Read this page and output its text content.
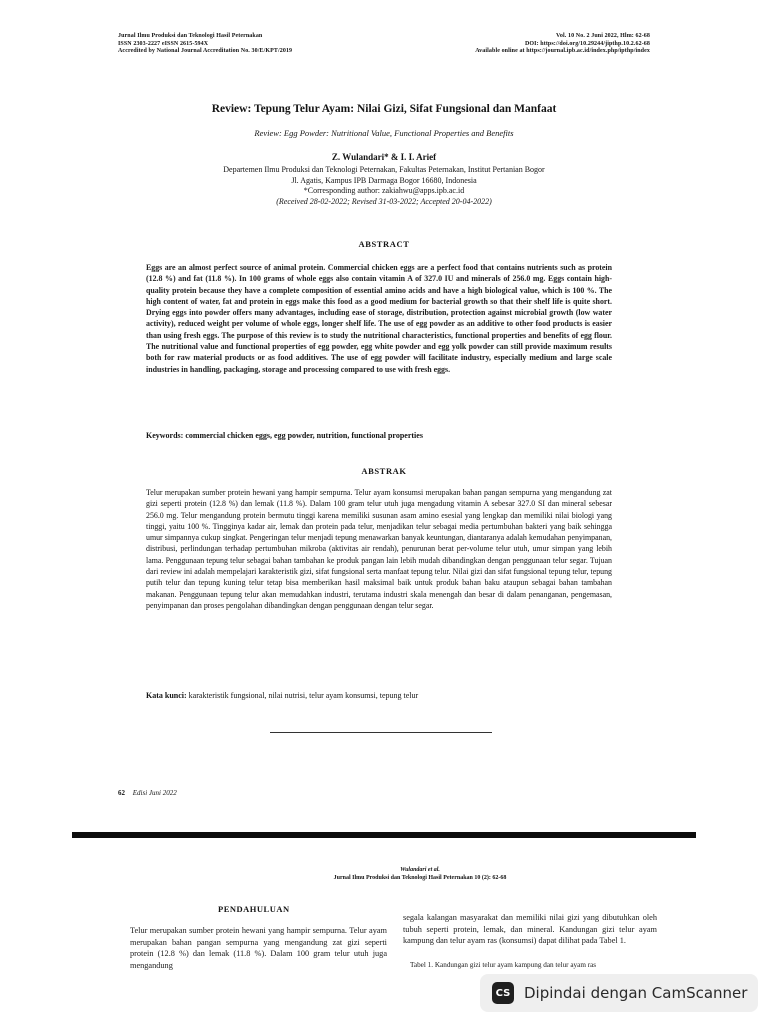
Jurnal Ilmu Produksi dan Teknologi Hasil Peternakan
ISSN 2303-2227 eISSN 2615-594X
Accredited by National Journal Accreditation No. 30/E/KPT/2019
Vol. 10 No. 2 Juni 2022, Hlm: 62-68
DOI: https://doi.org/10.29244/jipthp.10.2.62-68
Available online at https://journal.ipb.ac.id/index.php/ipthp/index
Review: Tepung Telur Ayam: Nilai Gizi, Sifat Fungsional dan Manfaat
Review: Egg Powder: Nutritional Value, Functional Properties and Benefits
Z. Wulandari* & I. I. Arief
Departemen Ilmu Produksi dan Teknologi Peternakan, Fakultas Peternakan, Institut Pertanian Bogor
Jl. Agatis, Kampus IPB Darmaga Bogor 16680, Indonesia
*Corresponding author: zakiahwu@apps.ipb.ac.id
(Received 28-02-2022; Revised 31-03-2022; Accepted 20-04-2022)
ABSTRACT
Eggs are an almost perfect source of animal protein. Commercial chicken eggs are a perfect food that contains nutrients such as protein (12.8 %) and fat (11.8 %). In 100 grams of whole eggs also contain vitamin A of 327.0 IU and minerals of 256.0 mg. Eggs contain high-quality protein because they have a complete composition of essential amino acids and have a high biological value, which is 100 %. The high content of water, fat and protein in eggs make this food as a good medium for bacterial growth so that their shelf life is quite short. Drying eggs into powder offers many advantages, including ease of storage, distribution, protection against microbial growth (low water activity), reduced weight per volume of whole eggs, longer shelf life. The use of egg powder as an additive to other food products is easier than using fresh eggs. The purpose of this review is to study the nutritional characteristics, functional properties and benefits of egg flour. The nutritional value and functional properties of egg powder, egg white powder and egg yolk powder can still provide maximum results both for raw material products or as food additives. The use of egg powder will facilitate industry, especially medium and large scale industries in handling, packaging, storage and processing compared to use with fresh eggs.
Keywords: commercial chicken eggs, egg powder, nutrition, functional properties
ABSTRAK
Telur merupakan sumber protein hewani yang hampir sempurna. Telur ayam konsumsi merupakan bahan pangan sempurna yang mengandung zat gizi seperti protein (12.8 %) dan lemak (11.8 %). Dalam 100 gram telur utuh juga mengadung vitamin A sebesar 327.0 SI dan mineral sebesar 256.0 mg. Telur mengandung protein bermutu tinggi karena memiliki susunan asam amino esesial yang lengkap dan memiliki nilai biologi yang tinggi, yaitu 100 %. Tingginya kadar air, lemak dan protein pada telur, menjadikan telur sebagai media pertumbuhan bakteri yang baik sehingga umur simpannya cukup singkat. Pengeringan telur menjadi tepung menawarkan banyak keuntungan, diantaranya adalah kemudahan penyimpanan, distribusi, perlindungan terhadap pertumbuhan mikroba (aktivitas air rendah), penurunan berat per-volume telur utuh, umur simpan yang lebih lama. Penggunaan tepung telur sebagai bahan tambahan ke produk pangan lain lebih mudah dibandingkan dengan penggunaan telur segar. Tujuan dari review ini adalah mempelajari karakteristik gizi, sifat fungsional serta manfaat tepung telur. Nilai gizi dan sifat fungsional tepung telur, tepung putih telur dan tepung kuning telur tetap bisa memberikan hasil maksimal baik untuk produk bahan baku ataupun sebagai bahan tambahan makanan. Penggunaan tepung telur akan memudahkan industri, terutama industri skala menengah dan besar di dalam penanganan, pengemasan, penyimpanan dan proses pengolahan dibandingkan dengan penggunaan dengan telur segar.
Kata kunci: karakteristik fungsional, nilai nutrisi, telur ayam konsumsi, tepung telur
62 Edisi Juni 2022
Wulandari et al.
Jurnal Ilmu Produksi dan Teknologi Hasil Peternakan 10 (2): 62-68
PENDAHULUAN
Telur merupakan sumber protein hewani yang hampir sempurna. Telur ayam merupakan bahan pangan sempurna yang mengandung zat gizi seperti protein (12.8 %) dan lemak (11.8 %). Dalam 100 gram telur utuh juga mengandung
segala kalangan masyarakat dan memiliki nilai gizi yang dibutuhkan oleh tubuh seperti protein, lemak, dan mineral. Kandungan gizi telur ayam kampung dan telur ayam ras (konsumsi) dapat dilihat pada Tabel 1.
Tabel 1. Kandungan gizi telur ayam kampung dan telur ayam ras
CS Dipindai dengan CamScanner
